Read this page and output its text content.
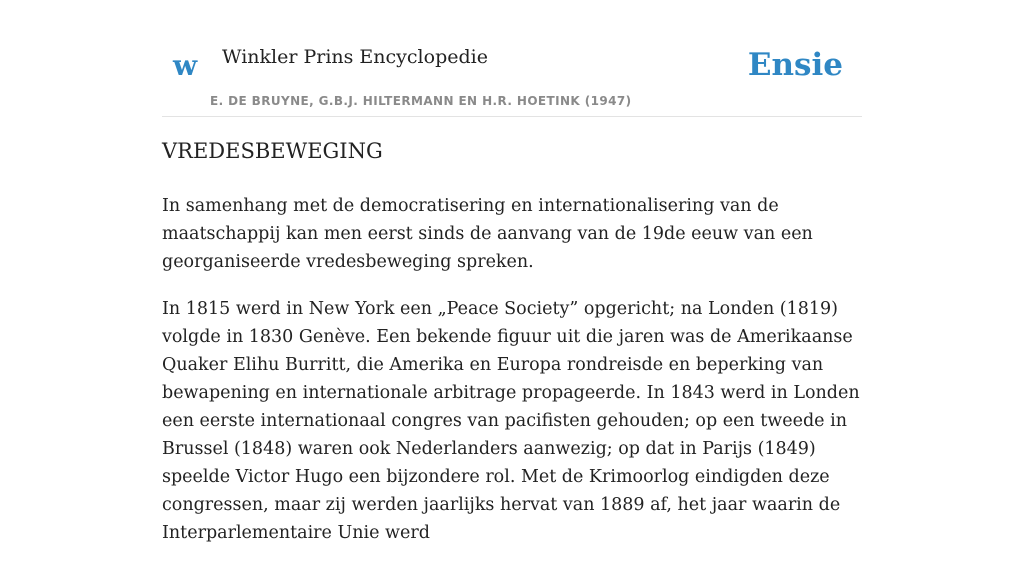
w Winkler Prins Encyclopedie
E. DE BRUYNE, G.B.J. HILTERMANN EN H.R. HOETINK (1947)
Ensie
VREDESBEWEGING

In samenhang met de democratisering en internationalisering van de maatschappij kan men eerst sinds de aanvang van de 19de eeuw van een georganiseerde vredesbeweging spreken.

In 1815 werd in New York een „Peace Society” opgericht; na Londen (1819) volgde in 1830 Genève. Een bekende figuur uit die jaren was de Amerikaanse Quaker Elihu Burritt, die Amerika en Europa rondreisde en beperking van bewapening en internationale arbitrage propageerde. In 1843 werd in Londen een eerste internationaal congres van pacifisten gehouden; op een tweede in Brussel (1848) waren ook Nederlanders aanwezig; op dat in Parijs (1849) speelde Victor Hugo een bijzondere rol. Met de Krimoorlog eindigden deze congressen, maar zij werden jaarlijks hervat van 1889 af, het jaar waarin de Interparlementaire Unie werd
